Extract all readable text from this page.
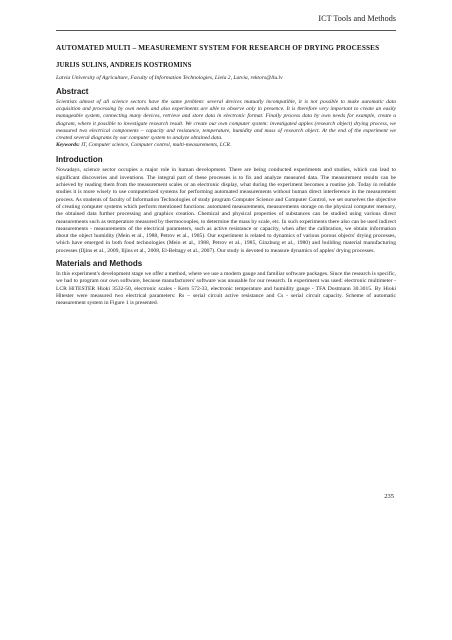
ICT Tools and Methods
AUTOMATED MULTI – MEASUREMENT SYSTEM FOR RESEARCH OF DRYING PROCESSES
JURIJS SULINS, ANDREJS KOSTROMINS
Latvia University of Agriculture, Faculty of Information Technologies, Liela 2, Latvia, rektors@llu.lv
Abstract

Scientists almost of all science sectors have the same problem: several devices mutually incompatible, it is not possible to make automatic data acquisition and processing by own needs and also experiments are able to observe only in presence. It is therefore very important to create an easily manageable system, connecting many devices, retrieve and store data in electronic format. Finally process data by own needs for example, create a diagram, where it possible to investigate research result. We create our own computer system: investigated apples (research object) drying process, we measured two electrical components – capacity and resistance, temperature, humidity and mass of research object. At the end of the experiment we created several diagrams by our computer system to analyze obtained data.

Keywords: IT, Computer science, Computer control, multi-measurements, LCR.

Introduction

Nowadays, science sector occupies a major role in human development. There are being conducted experiments and studies, which can lead to significant discoveries and inventions. The integral part of these processes is to fix and analyze measured data. The measurement results can be achieved by reading them from the measurement scales or an electronic display, what during the experiment becomes a routine job. Today in reliable studies it is more wisely to use computerized systems for performing automated measurements without human direct interference in the measurement process. As students of faculty of Information Technologies of study program Computer Science and Computer Control, we set ourselves the objective of creating computer systems which perform mentioned functions: automated measurements, measurements storage on the physical computer memory, the obtained data further processing and graphics creation. Chemical and physical properties of substances can be studied using various direct measurements such as temperature measured by thermocouples, to determine the mass by scale, etc. In such experiments there also can be used indirect measurements - measurements of the electrical parameters, such as active resistance or capacity, when after the calibration, we obtain information about the object humidity (Mein et al., 1988, Petrov et al., 1985). Our experiment is related to dynamics of various porous objects' drying processes, which have emerged in both food technologies (Mein et al., 1988, Petrov et al., 1985, Ginzburg et al., 1980) and building material manufacturing processes (Iljins et al., 2009, Iljins et al., 2008, El-Beltagy et al., 2007). Our study is devoted to measure dynamics of apples' drying processes.

Materials and Methods

In this experiment's development stage we offer a method, where we use a modern gauge and familiar software packages. Since the research is specific, we had to program our own software, because manufacturers' software was unusable for our research. In experiment was used: electronic multimeter - LCR HiTESTER Hioki 3532-50, electronic scales - Kern 572-33, electronic temperature and humidity gauge - TFA Dostmann 30.3015. By Hioki Hitester were measured two electrical parameters: Rs – serial circuit active resistance and Cs - serial circuit capacity. Scheme of automatic measurement system in Figure 1 is presented.

235
